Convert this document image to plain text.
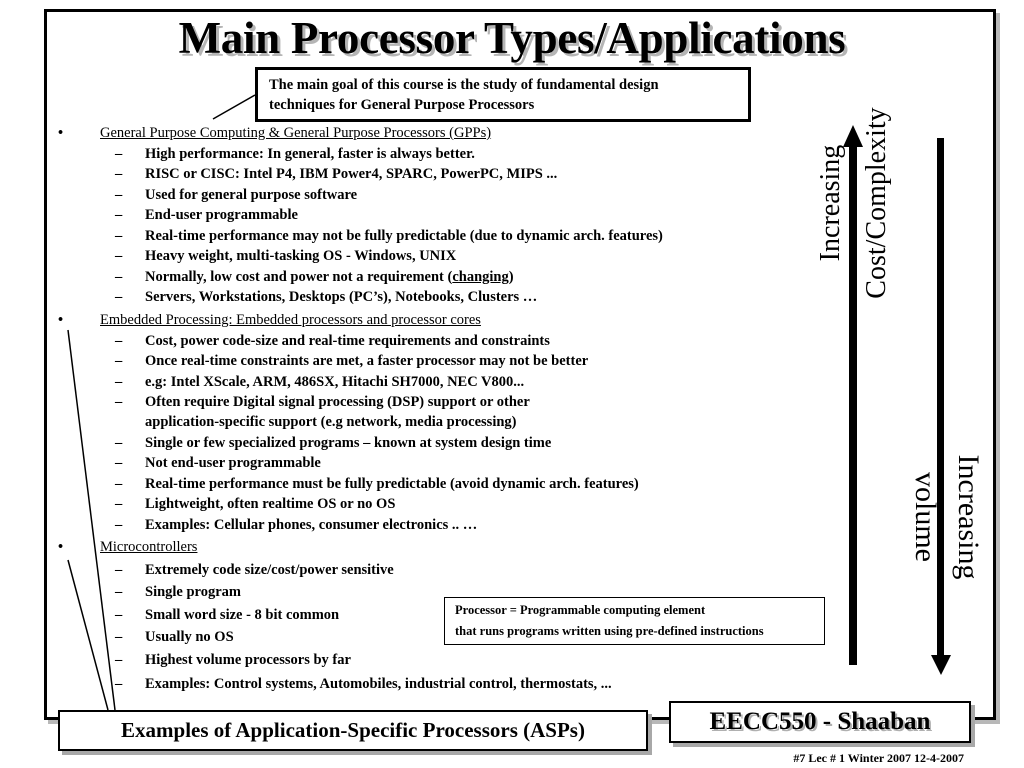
Main Processor Types/Applications
The main goal of this course is the study of fundamental design
techniques for General Purpose Processors
•	General Purpose Computing & General Purpose Processors (GPPs)
– High performance: In general, faster is always better.
– RISC or CISC: Intel P4, IBM Power4, SPARC, PowerPC, MIPS ...
– Used for general purpose software
– End-user programmable
– Real-time performance may not be fully predictable (due to dynamic arch. features)
– Heavy weight, multi-tasking OS - Windows, UNIX
– Normally, low cost and power not a requirement (changing)
– Servers, Workstations, Desktops (PC’s), Notebooks, Clusters …
•	Embedded Processing: Embedded processors and processor cores
– Cost, power code-size and real-time requirements and constraints
– Once real-time constraints are met, a faster processor may not be better
– e.g: Intel XScale, ARM, 486SX, Hitachi SH7000, NEC V800...
– Often require Digital signal processing (DSP) support or other
application-specific support (e.g network, media processing)
– Single or few specialized programs – known at system design time
– Not end-user programmable
– Real-time performance must be fully predictable (avoid dynamic arch. features)
– Lightweight, often realtime OS or no OS
– Examples: Cellular phones, consumer electronics .. …
•	Microcontrollers
– Extremely code size/cost/power sensitive
– Single program
– Small word size - 8 bit common
– Usually no OS
– Highest volume processors by far
– Examples: Control systems, Automobiles, industrial control, thermostats, ...
Increasing Cost/Complexity
Increasing
volume
Processor = Programmable computing element
that runs programs written using pre-defined instructions
Examples of Application-Specific Processors (ASPs)	EECC550 - Shaaban
#7 Lec # 1 Winter 2007 12-4-2007
